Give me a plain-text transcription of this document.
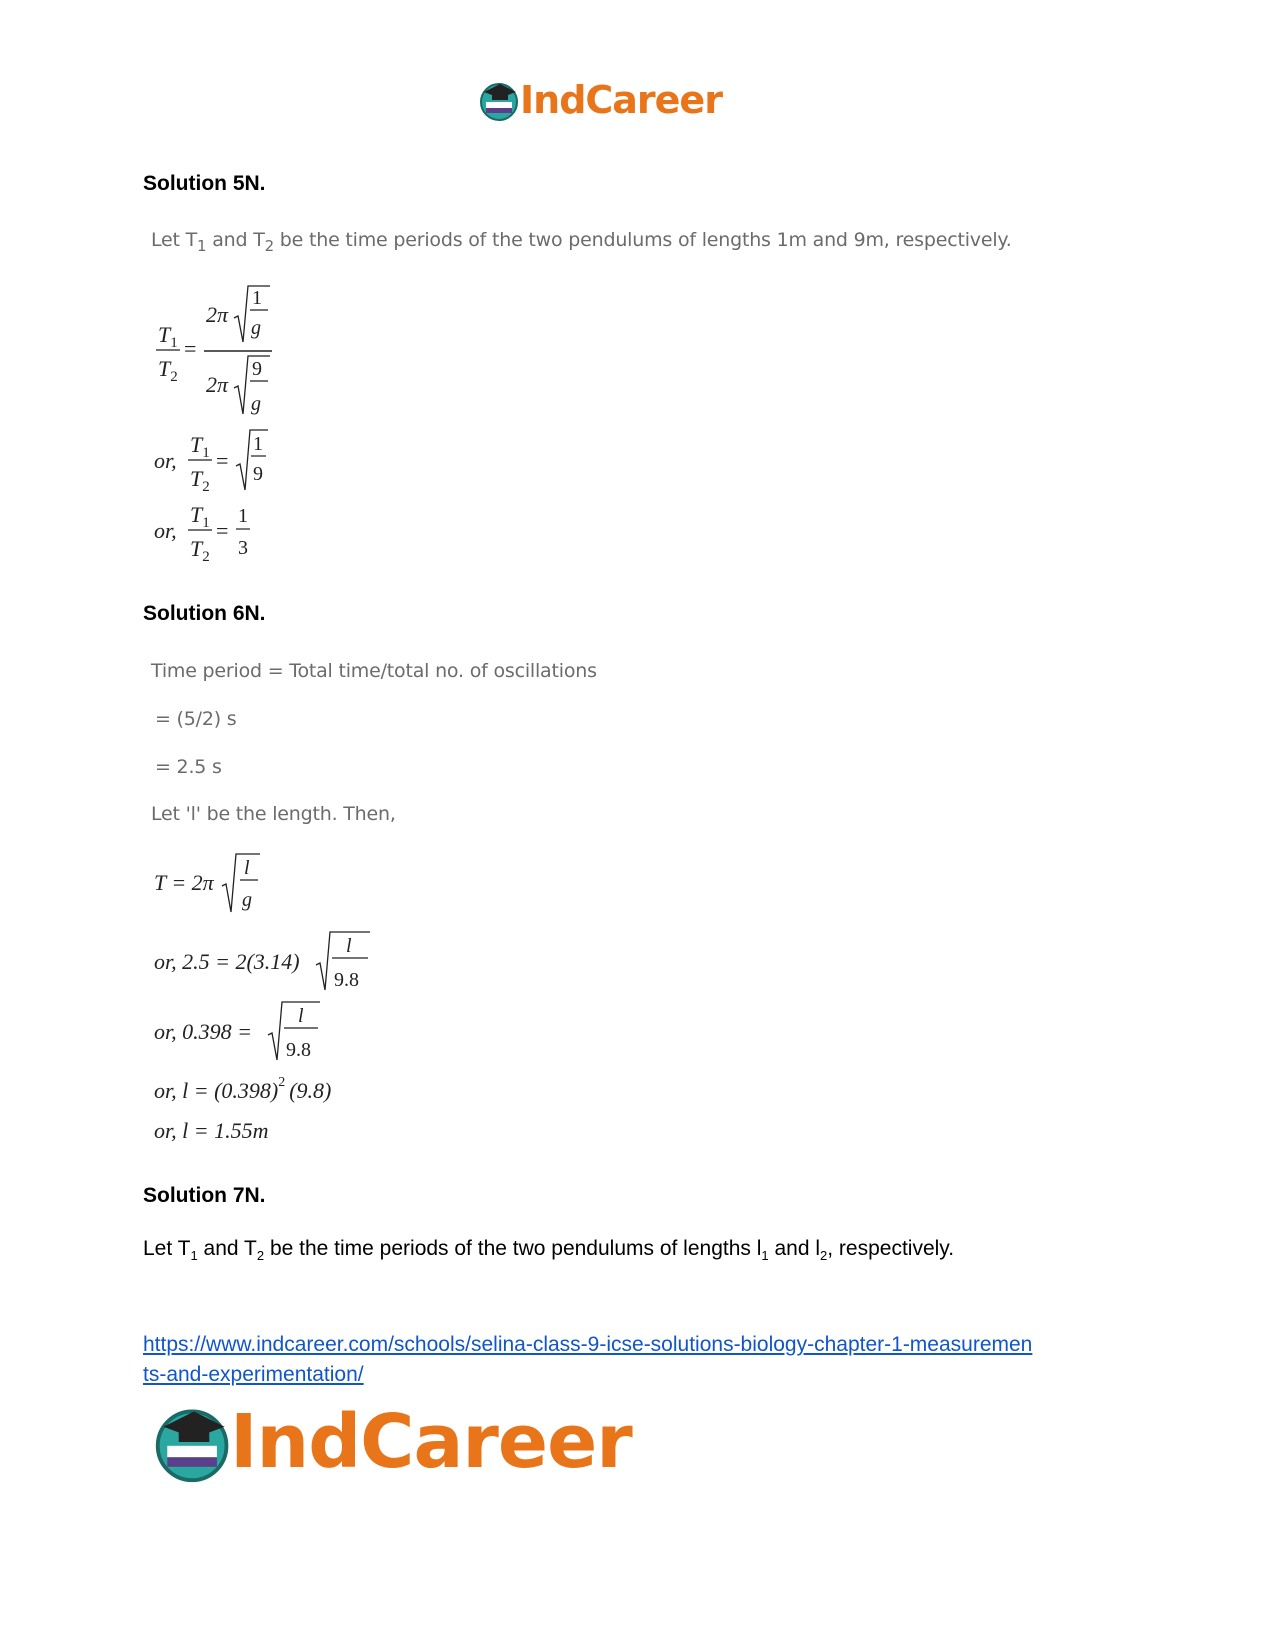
IndCareer
Solution 5N.
Let $T_1$ and $T_2$ be the time periods of the two pendulums of lengths 1m and 9m, respectively.
$T_1$
$T_2$
=
2π
1
g
2π
9
g
or,
$T_1$
$T_2$
=
1
9
or,
$T_1$
$T_2$
=
1
3
Solution 6N.
Time period = Total time/total no. of oscillations
= (5/2) s
= 2.5 s
Let 'l' be the length. Then,
T = 2π
l
g
or, 2.5 = 2(3.14)
l
9.8
or, 0.398 =
l
9.8
or, $l = (0.398)^2$ (9.8)
or, l = 1.55m
Solution 7N.
Let $T_1$ and $T_2$ be the time periods of the two pendulums of lengths $l_1$ and $l_2$, respectively.
https://www.indcareer.com/schools/selina-class-9-icse-solutions-biology-chapter-1-measuremen
ts-and-experimentation/
IndCareer
